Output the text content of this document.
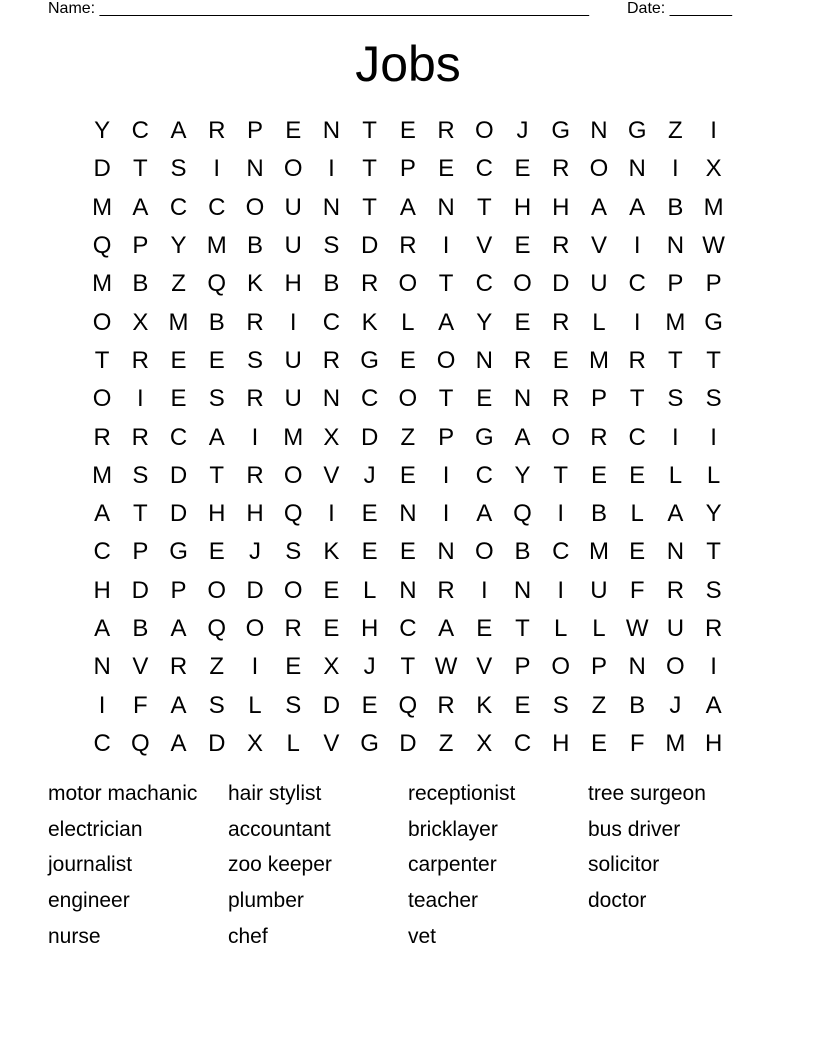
Name: _______________________________________________________ Date: _______
Jobs
Y C A R P E N T E R O J G N G Z	I
D T S	I	N O	I	T P E C E R O N	I	X
M A C C O U N T A N T H H A A B M
Q P Y M B U S D R	I	V E R V	I	N W
M B Z Q K H B R O T C O D U C P P
O X M B R	I	C K L A Y E R L	I	M G
T R E E S U R G E O N R E M R T T
O	I	E S R U N C O T E N R P T S S
R R C A	I	M X D Z P G A O R C	I	I
M S D T R O V	J	E	I	C Y T E E L	L
A T D H H Q	I	E N	I	A Q	I	B L A Y
C P G E	J	S K E E N O B C M E N T
H D P O D O E L N R	I	N	I	U F R S
A B A Q O R E H C A E T	L	L W U R
N V R Z	I	E X	J	T W V P O P N O	I
I	F A S L S D E Q R K E S Z B	J	A
C Q A D X L V G D Z X C H E F M H
motor machanic
electrician
journalist
engineer
nurse
hair stylist
accountant
zoo keeper
plumber
chef
receptionist
bricklayer
carpenter
teacher
vet
tree surgeon
bus driver
solicitor
doctor
